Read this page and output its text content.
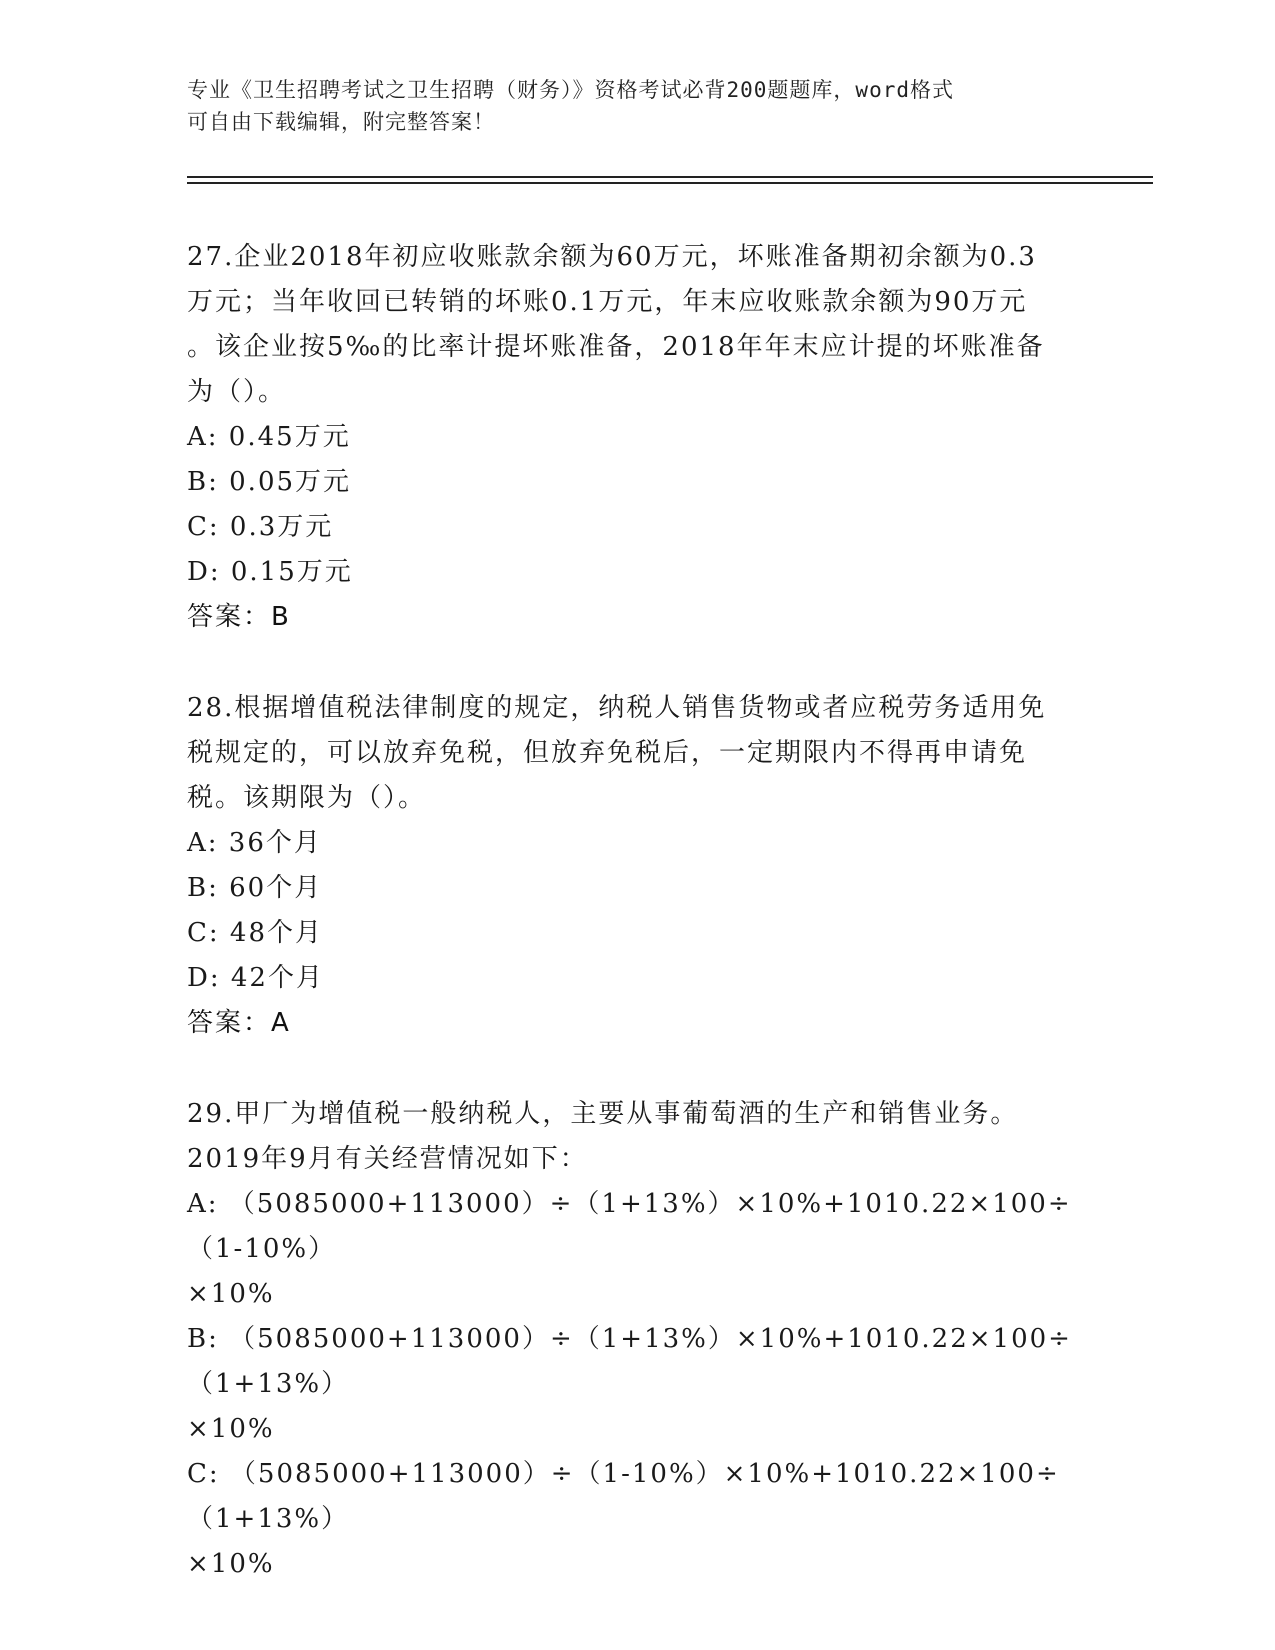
专业《卫生招聘考试之卫生招聘（财务）》资格考试必背200题题库，word格式
可自由下载编辑，附完整答案！

27.企业2018年初应收账款余额为60万元，坏账准备期初余额为0.3
万元；当年收回已转销的坏账0.1万元，年末应收账款余额为90万元
。该企业按5‰的比率计提坏账准备，2018年年末应计提的坏账准备
为（）。

A: 0.45万元

B: 0.05万元

C: 0.3万元

D: 0.15万元

答案：B

28.根据增值税法律制度的规定，纳税人销售货物或者应税劳务适用免
税规定的，可以放弃免税，但放弃免税后，一定期限内不得再申请免
税。该期限为（）。

A: 36个月

B: 60个月

C: 48个月

D: 42个月

答案：A

29.甲厂为增值税一般纳税人，主要从事葡萄酒的生产和销售业务。
2019年9月有关经营情况如下：

A: （5085000+113000）÷（1+13%）×10%+1010.22×100÷（1-10%）
×10%

B: （5085000+113000）÷（1+13%）×10%+1010.22×100÷（1+13%）
×10%

C: （5085000+113000）÷（1-10%）×10%+1010.22×100÷（1+13%）
×10%
